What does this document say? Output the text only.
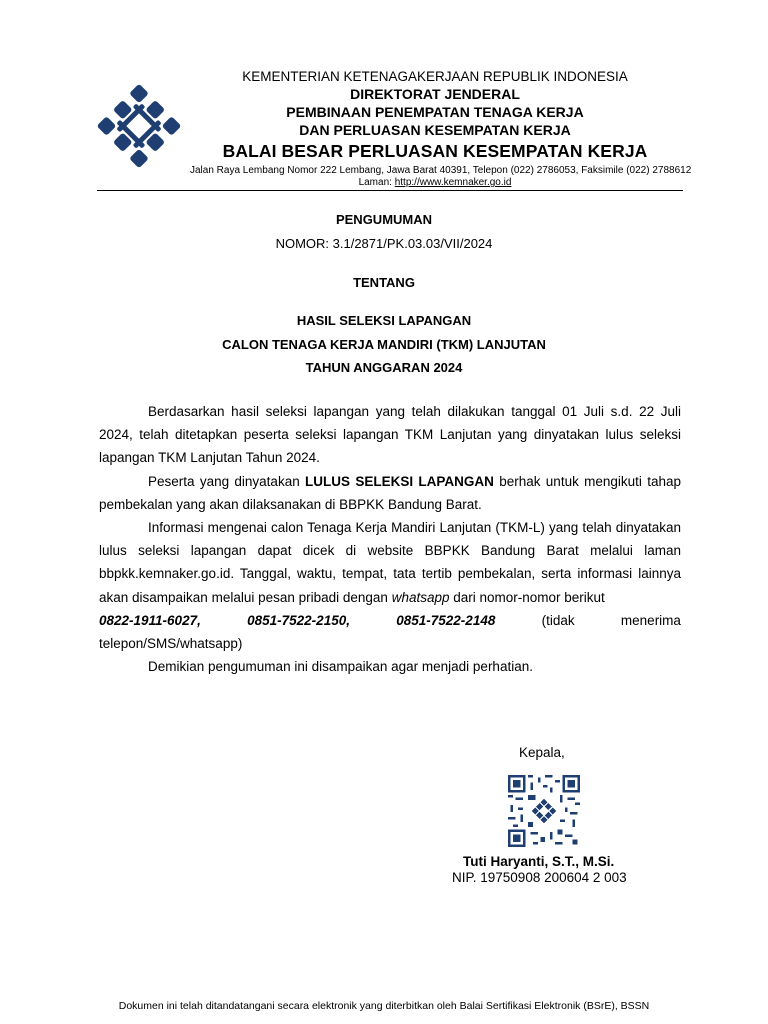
KEMENTERIAN KETENAGAKERJAAN REPUBLIK INDONESIA
DIREKTORAT JENDERAL
PEMBINAAN PENEMPATAN TENAGA KERJA
DAN PERLUASAN KESEMPATAN KERJA
BALAI BESAR PERLUASAN KESEMPATAN KERJA
Jalan Raya Lembang Nomor 222 Lembang, Jawa Barat 40391, Telepon (022) 2786053, Faksimile (022) 2788612
Laman: http://www.kemnaker.go.id
PENGUMUMAN
NOMOR: 3.1/2871/PK.03.03/VII/2024
TENTANG
HASIL SELEKSI LAPANGAN
CALON TENAGA KERJA MANDIRI (TKM) LANJUTAN
TAHUN ANGGARAN 2024

Berdasarkan hasil seleksi lapangan yang telah dilakukan tanggal 01 Juli s.d. 22 Juli 2024, telah ditetapkan peserta seleksi lapangan TKM Lanjutan yang dinyatakan lulus seleksi lapangan TKM Lanjutan Tahun 2024.

Peserta yang dinyatakan LULUS SELEKSI LAPANGAN berhak untuk mengikuti tahap pembekalan yang akan dilaksanakan di BBPKK Bandung Barat.

Informasi mengenai calon Tenaga Kerja Mandiri Lanjutan (TKM-L) yang telah dinyatakan lulus seleksi lapangan dapat dicek di website BBPKK Bandung Barat melalui laman bbpkk.kemnaker.go.id. Tanggal, waktu, tempat, tata tertib pembekalan, serta informasi lainnya akan disampaikan melalui pesan pribadi dengan whatsapp dari nomor-nomor berikut

0822-1911-6027,	0851-7522-2150,	0851-7522-2148	(tidak	menerima

telepon/SMS/whatsapp)

Demikian pengumuman ini disampaikan agar menjadi perhatian.

Kepala,
Tuti Haryanti, S.T., M.Si.
NIP. 19750908 200604 2 003
Dokumen ini telah ditandatangani secara elektronik yang diterbitkan oleh Balai Sertifikasi Elektronik (BSrE), BSSN
